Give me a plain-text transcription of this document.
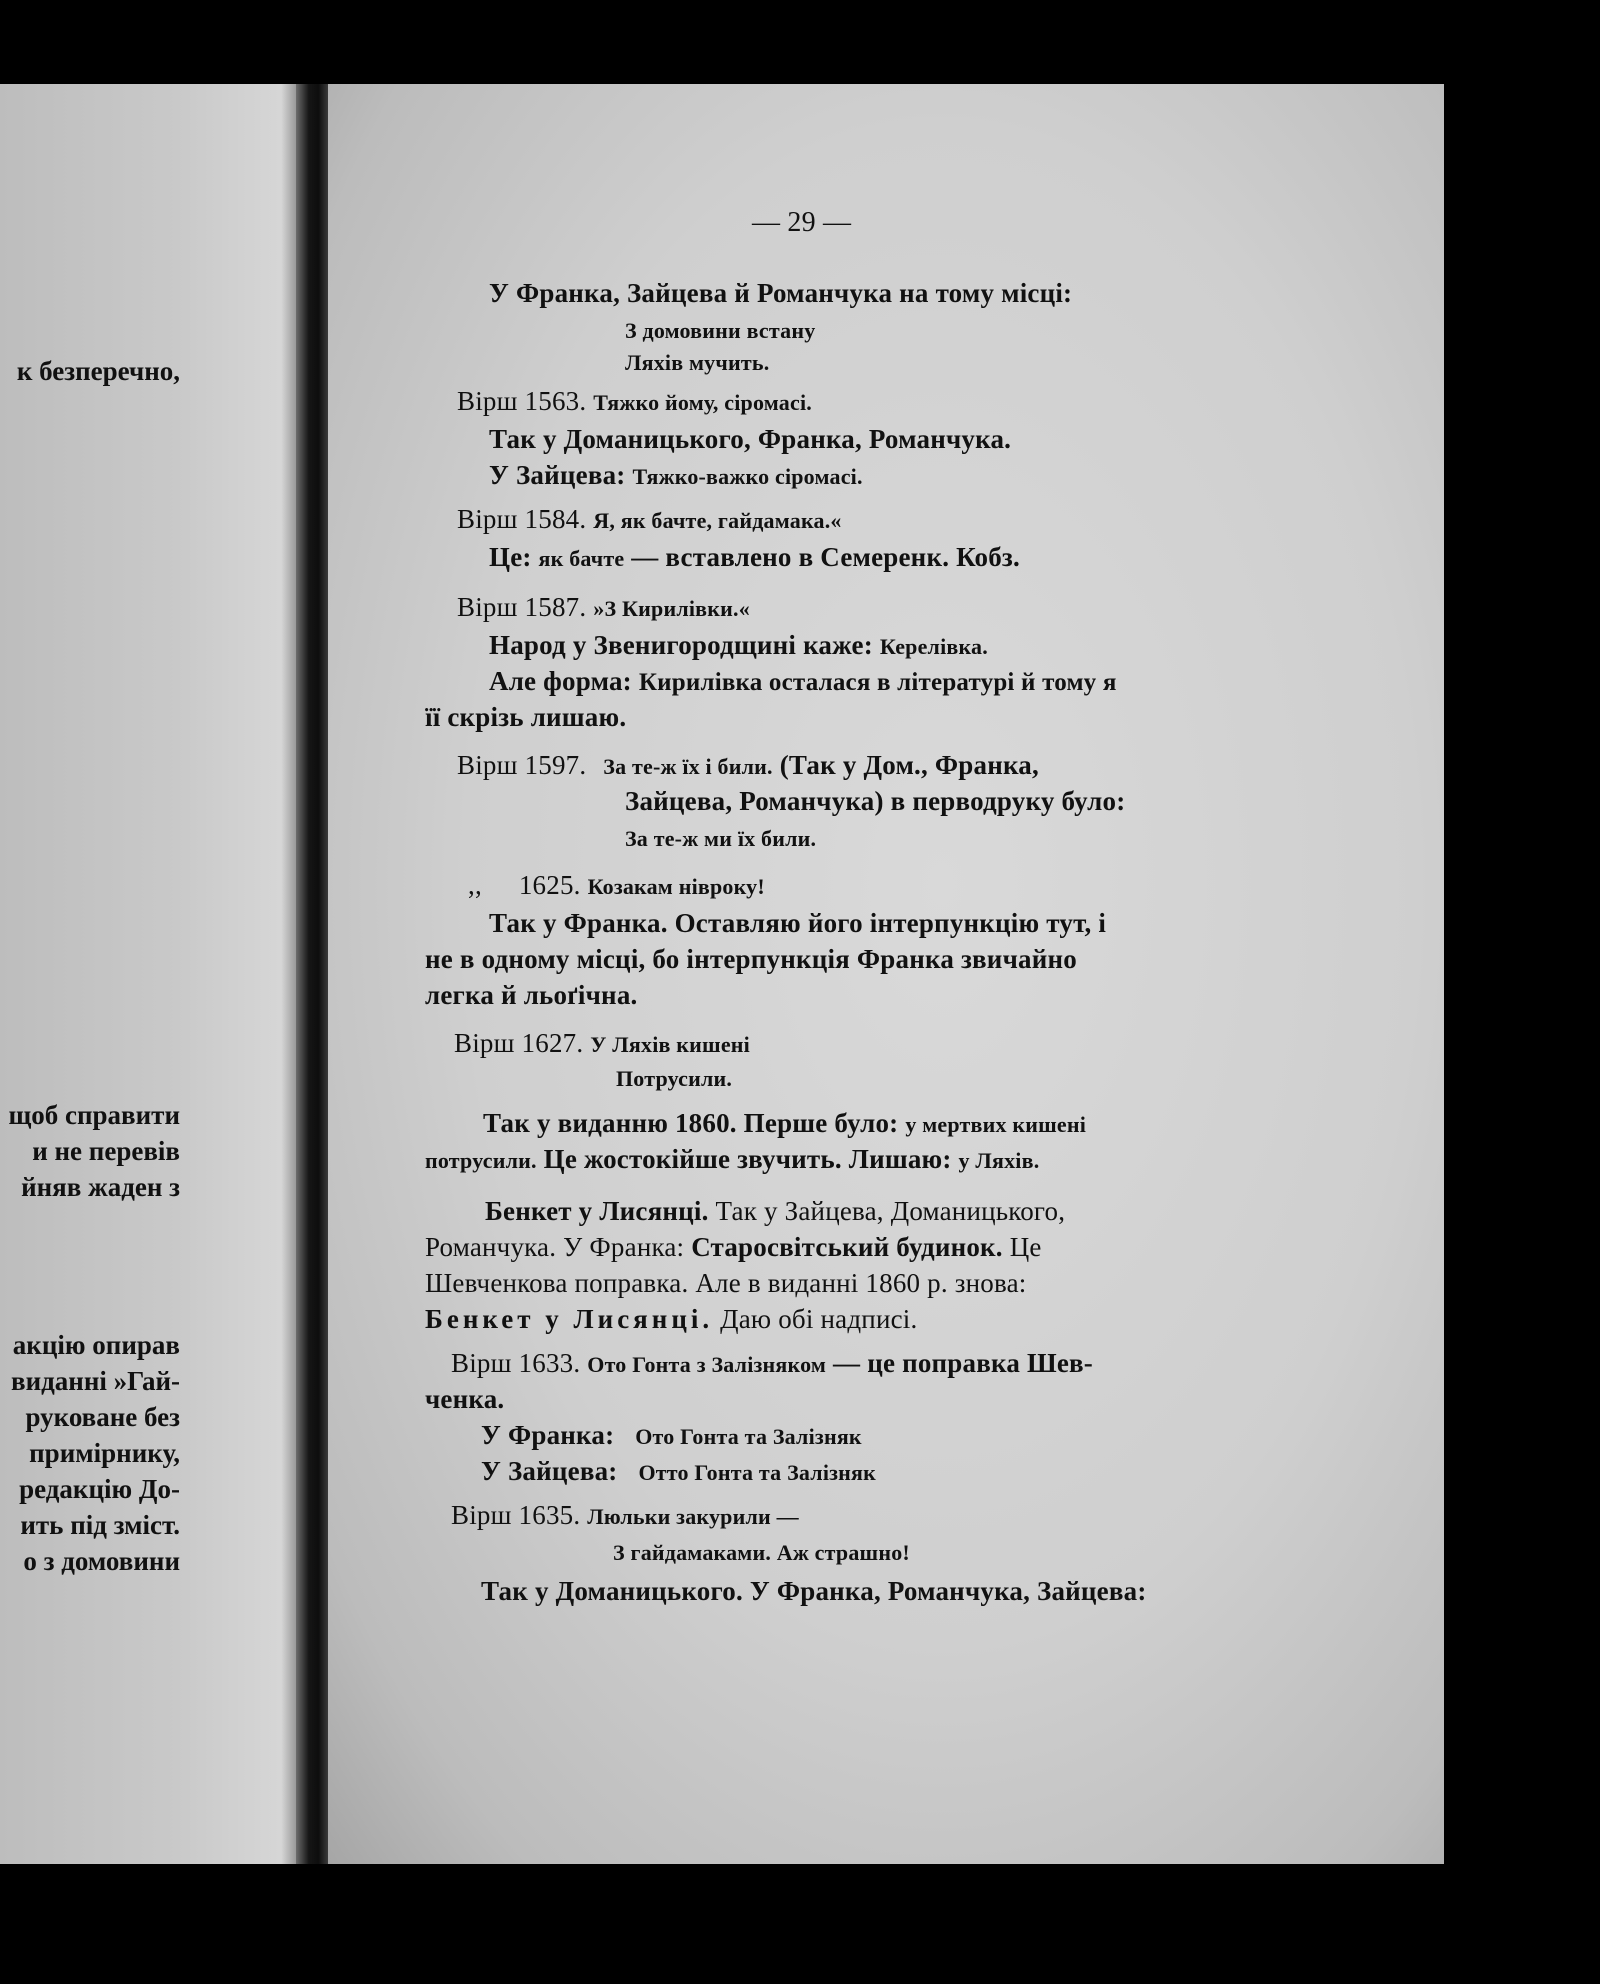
к безперечно,
щоб справити
и не перевів
йняв жаден з
акцію опирав
виданні »Гай-
руковане без
примірнику,
редакцію До-
ить під зміст.
о з домовини
— 29 —
У Франка, Зайцева й Романчука на тому місці:
З домовини встану
Ляхів мучить.
Вірш 1563. Тяжко йому, сіромасі.
Так у Доманицького, Франка, Романчука.
У Зайцева: Тяжко-важко сіромасі.
Вірш 1584. Я, як бачте, гайдамака.«
Це: як бачте — вставлено в Семеренк. Кобз.
Вірш 1587. »З Кирилівки.«
Народ у Звенигородщині каже: Керелівка.
Але форма: Кирилівка осталася в літературі й тому я
її скрізь лишаю.
Вірш 1597. За те-ж їх і били. (Так у Дом., Франка,
Зайцева, Романчука) в перводруку було:
За те-ж ми їх били.
,, 1625. Козакам нівроку!
Так у Франка. Оставляю його інтерпункцію тут, і
не в одному місці, бо інтерпункція Франка звичайно
легка й льоґічна.
Вірш 1627. У Ляхів кишені
Потрусили.
Так у виданню 1860. Перше було: у мертвих кишені
потрусили. Це жостокійше звучить. Лишаю: у Ляхів.
Бенкет у Лисянці. Так у Зайцева, Доманицького,
Романчука. У Франка: Старосвітський будинок. Це
Шевченкова поправка. Але в виданні 1860 р. знова:
Бенкет у Лисянці. Даю обі надписі.
Вірш 1633. Ото Гонта з Залізняком — це поправка Шев-
ченка.
У Франка: Ото Гонта та Залізняк
У Зайцева: Отто Гонта та Залізняк
Вірш 1635. Люльки закурили —
З гайдамаками. Аж страшно!
Так у Доманицького. У Франка, Романчука, Зайцева:
